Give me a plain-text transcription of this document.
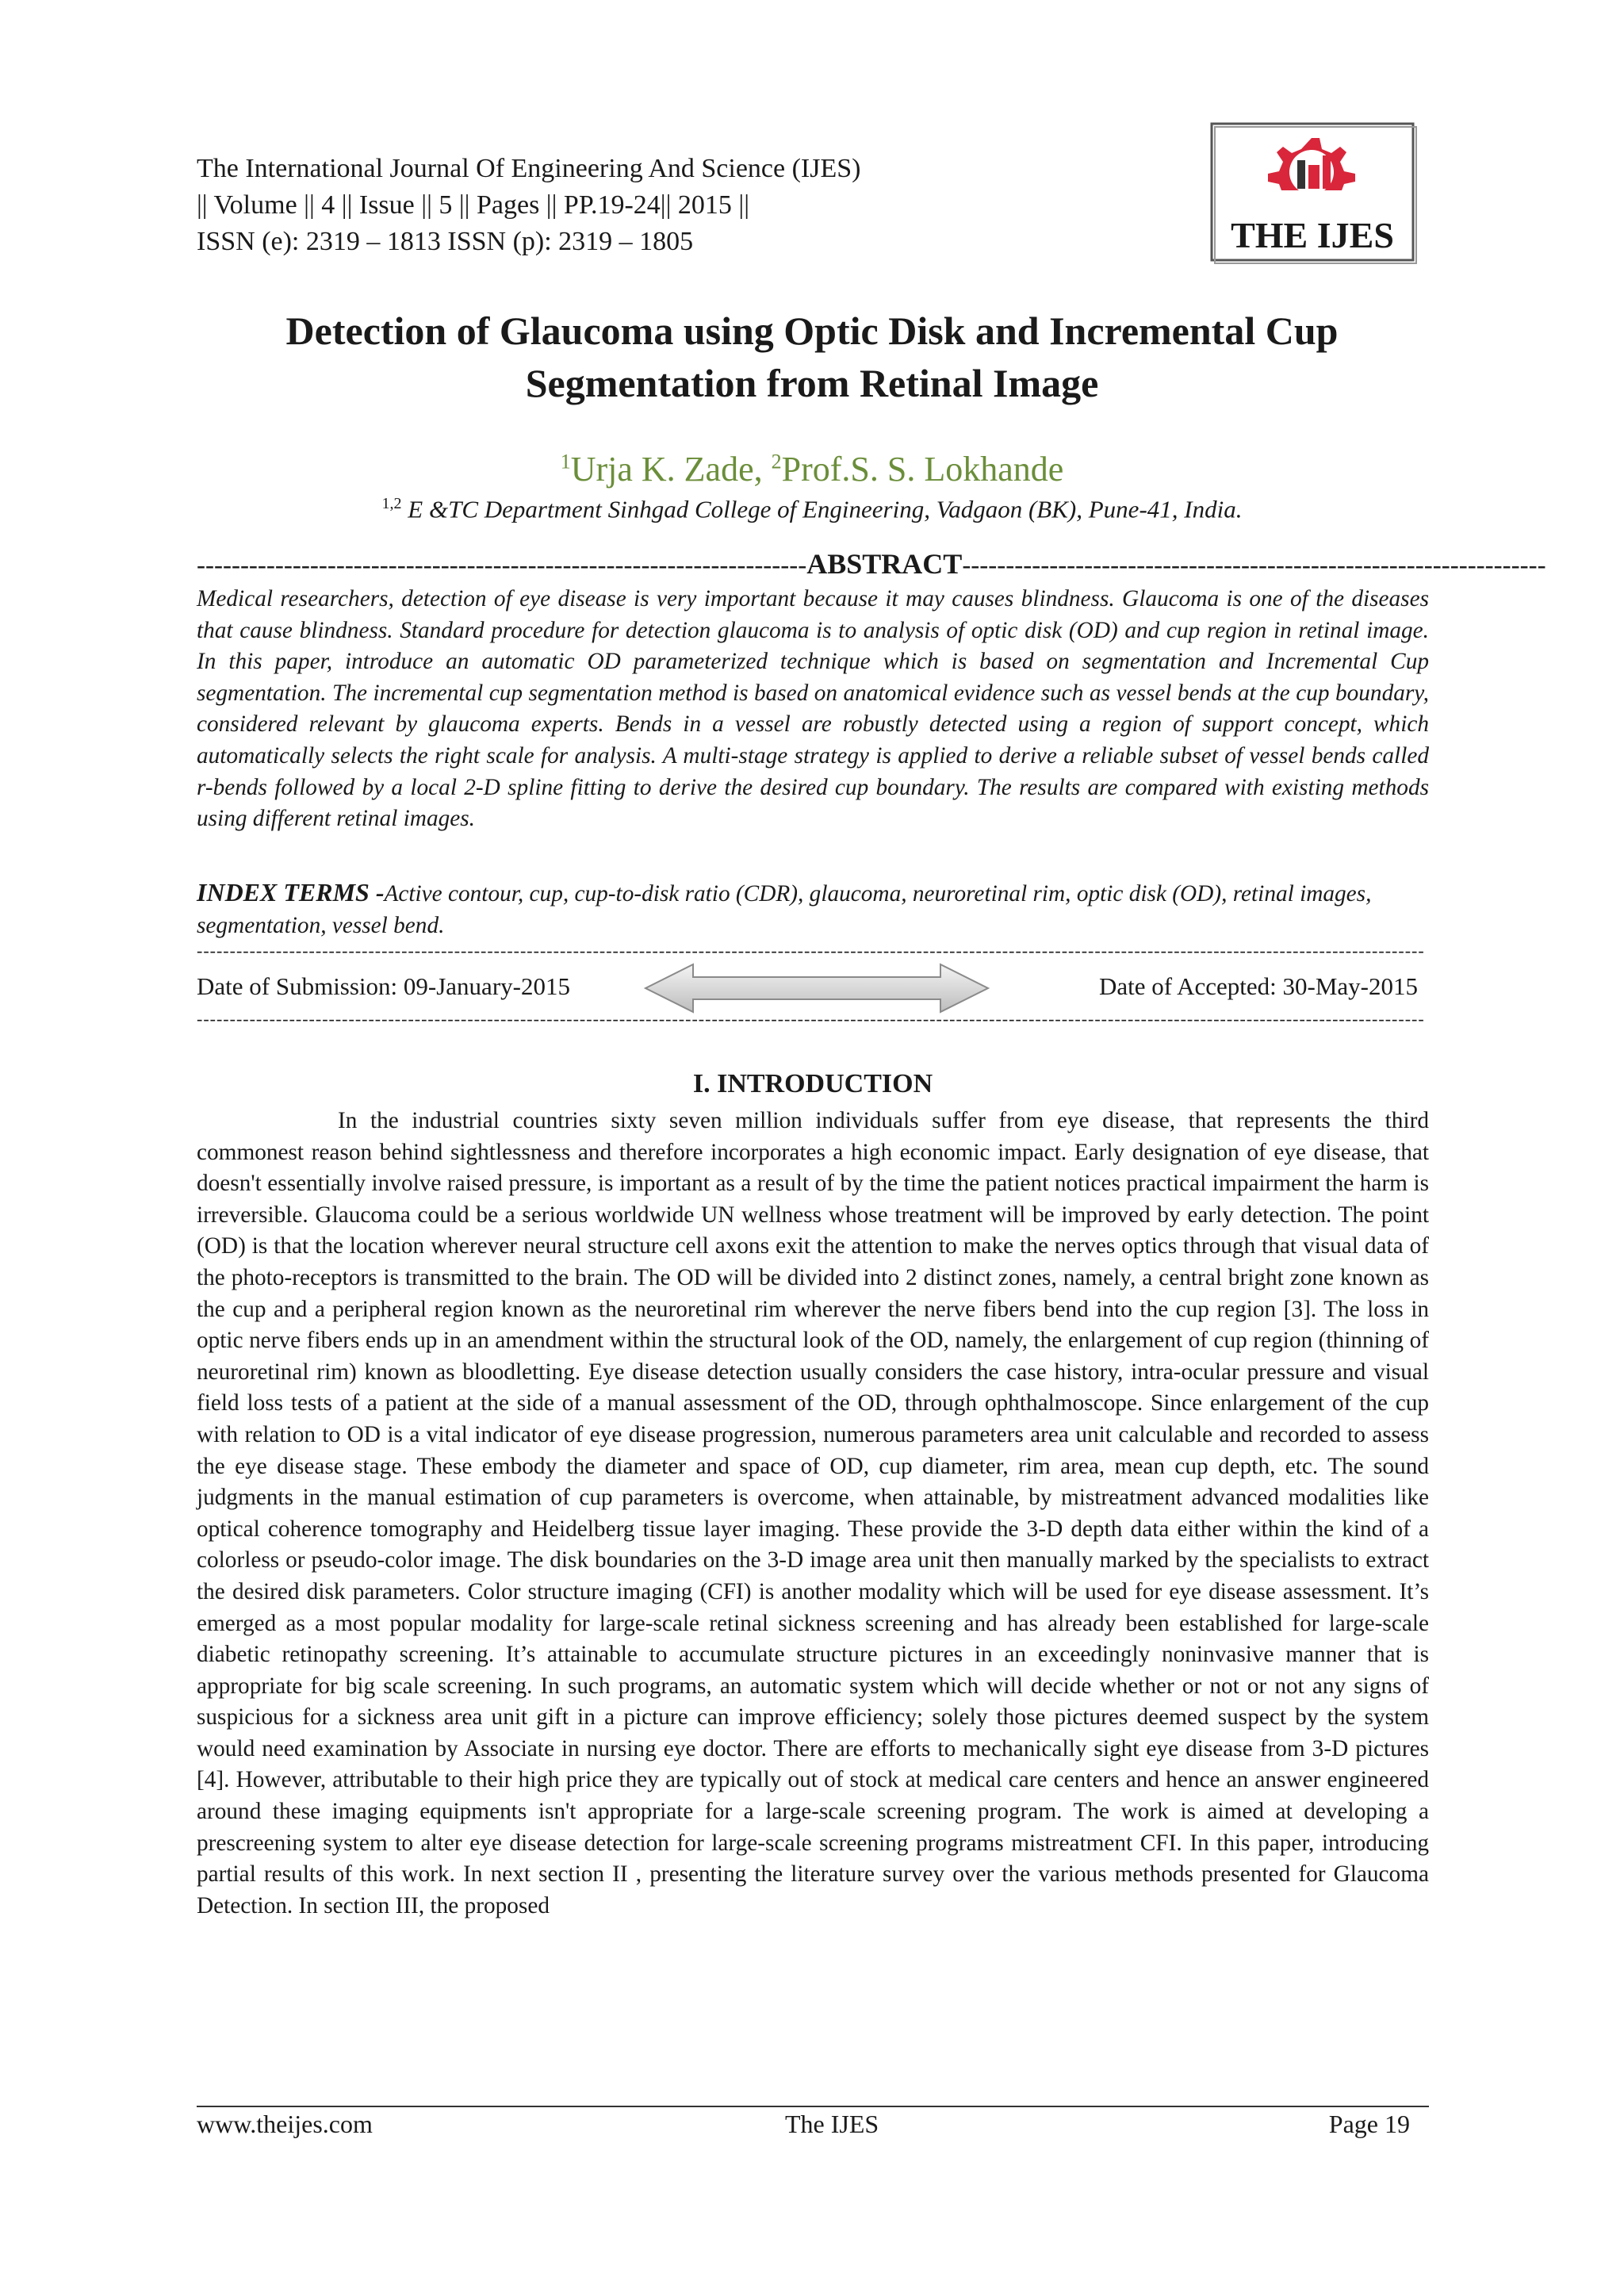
The International Journal Of Engineering And Science (IJES)
|| Volume || 4 || Issue || 5 || Pages || PP.19-24|| 2015 ||
ISSN (e): 2319 – 1813 ISSN (p): 2319 – 1805	THE IJES
Detection of Glaucoma using Optic Disk and Incremental Cup
Segmentation from Retinal Image
$^1$Urja K. Zade, $^2$Prof.S. S. Lokhande
$^{1,2}$ E &TC Department Sinhgad College of Engineering, Vadgaon (BK), Pune-41, India.
----------------------------------------------------------------------ABSTRACT-------------------------------------------------------------------
Medical researchers, detection of eye disease is very important because it may causes blindness. Glaucoma is one of the diseases that cause blindness. Standard procedure for detection glaucoma is to analysis of optic disk (OD) and cup region in retinal image. In this paper, introduce an automatic OD parameterized technique which is based on segmentation and Incremental Cup segmentation. The incremental cup segmentation method is based on anatomical evidence such as vessel bends at the cup boundary, considered relevant by glaucoma experts. Bends in a vessel are robustly detected using a region of support concept, which automatically selects the right scale for analysis. A multi-stage strategy is applied to derive a reliable subset of vessel bends called r-bends followed by a local 2-D spline fitting to derive the desired cup boundary. The results are compared with existing methods using different retinal images.
INDEX TERMS -Active contour, cup, cup-to-disk ratio (CDR), glaucoma, neuroretinal rim, optic disk (OD), retinal images, segmentation, vessel bend.
------------------------------------------------------------------------------------------------------------------------------------------------------------------------------------------
Date of Submission: 09-January-2015	Date of Accepted: 30-May-2015
------------------------------------------------------------------------------------------------------------------------------------------------------------------------------------------
I. INTRODUCTION
In the industrial countries sixty seven million individuals suffer from eye disease, that represents the third commonest reason behind sightlessness and therefore incorporates a high economic impact. Early designation of eye disease, that doesn't essentially involve raised pressure, is important as a result of by the time the patient notices practical impairment the harm is irreversible. Glaucoma could be a serious worldwide UN wellness whose treatment will be improved by early detection. The point (OD) is that the location wherever neural structure cell axons exit the attention to make the nerves optics through that visual data of the photo-receptors is transmitted to the brain. The OD will be divided into 2 distinct zones, namely, a central bright zone known as the cup and a peripheral region known as the neuroretinal rim wherever the nerve fibers bend into the cup region [3]. The loss in optic nerve fibers ends up in an amendment within the structural look of the OD, namely, the enlargement of cup region (thinning of neuroretinal rim) known as bloodletting. Eye disease detection usually considers the case history, intra-ocular pressure and visual field loss tests of a patient at the side of a manual assessment of the OD, through ophthalmoscope. Since enlargement of the cup with relation to OD is a vital indicator of eye disease progression, numerous parameters area unit calculable and recorded to assess the eye disease stage. These embody the diameter and space of OD, cup diameter, rim area, mean cup depth, etc. The sound judgments in the manual estimation of cup parameters is overcome, when attainable, by mistreatment advanced modalities like optical coherence tomography and Heidelberg tissue layer imaging. These provide the 3-D depth data either within the kind of a colorless or pseudo-color image. The disk boundaries on the 3-D image area unit then manually marked by the specialists to extract the desired disk parameters. Color structure imaging (CFI) is another modality which will be used for eye disease assessment. It’s emerged as a most popular modality for large-scale retinal sickness screening and has already been established for large-scale diabetic retinopathy screening. It’s attainable to accumulate structure pictures in an exceedingly noninvasive manner that is appropriate for big scale screening. In such programs, an automatic system which will decide whether or not or not any signs of suspicious for a sickness area unit gift in a picture can improve efficiency; solely those pictures deemed suspect by the system would need examination by Associate in nursing eye doctor. There are efforts to mechanically sight eye disease from 3-D pictures [4]. However, attributable to their high price they are typically out of stock at medical care centers and hence an answer engineered around these imaging equipments isn't appropriate for a large-scale screening program. The work is aimed at developing a prescreening system to alter eye disease detection for large-scale screening programs mistreatment CFI. In this paper, introducing partial results of this work. In next section II , presenting the literature survey over the various methods presented for Glaucoma Detection. In section III, the proposed
www.theijes.com	The IJES	Page 19
